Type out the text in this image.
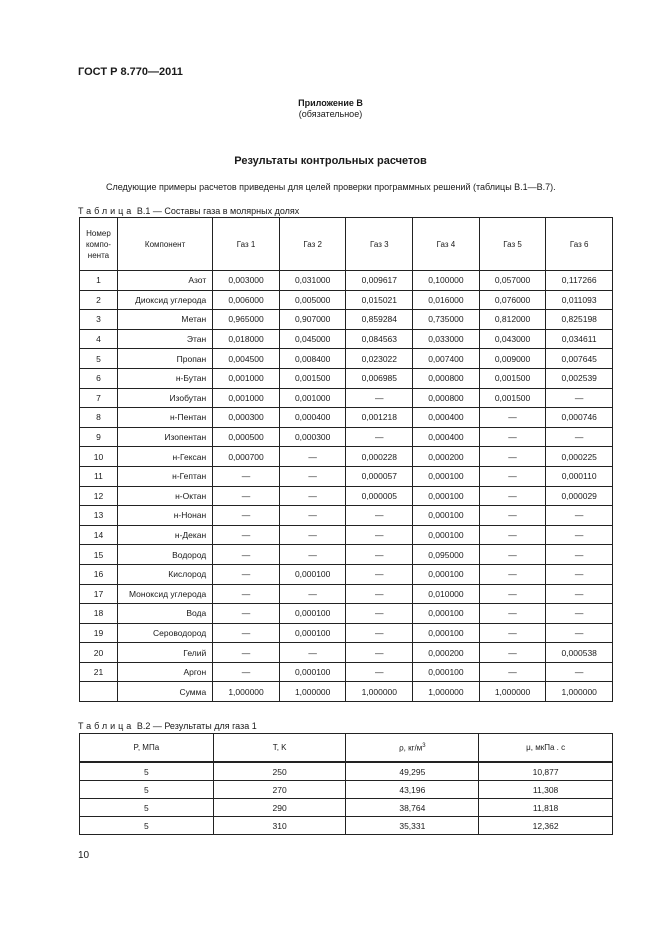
ГОСТ Р 8.770—2011
Приложение В
(обязательное)
Результаты контрольных расчетов
Следующие примеры расчетов приведены для целей проверки программных решений (таблицы В.1—В.7).
Таблица В.1 — Составы газа в молярных долях
Номер компо-нента	Компонент	Газ 1	Газ 2	Газ 3	Газ 4	Газ 5	Газ 6
1	Азот	0,003000	0,031000	0,009617	0,100000	0,057000	0,117266
2	Диоксид углерода	0,006000	0,005000	0,015021	0,016000	0,076000	0,011093
3	Метан	0,965000	0,907000	0,859284	0,735000	0,812000	0,825198
4	Этан	0,018000	0,045000	0,084563	0,033000	0,043000	0,034611
5	Пропан	0,004500	0,008400	0,023022	0,007400	0,009000	0,007645
6	н-Бутан	0,001000	0,001500	0,006985	0,000800	0,001500	0,002539
7	Изобутан	0,001000	0,001000	—	0,000800	0,001500	—
8	н-Пентан	0,000300	0,000400	0,001218	0,000400	—	0,000746
9	Изопентан	0,000500	0,000300	—	0,000400	—	—
10	н-Гексан	0,000700	—	0,000228	0,000200	—	0,000225
11	н-Гептан	—	—	0,000057	0,000100	—	0,000110
12	н-Октан	—	—	0,000005	0,000100	—	0,000029
13	н-Нонан	—	—	—	0,000100	—	—
14	н-Декан	—	—	—	0,000100	—	—
15	Водород	—	—	—	0,095000	—	—
16	Кислород	—	0,000100	—	0,000100	—	—
17	Моноксид углерода	—	—	—	0,010000	—	—
18	Вода	—	0,000100	—	0,000100	—	—
19	Сероводород	—	0,000100	—	0,000100	—	—
20	Гелий	—	—	—	0,000200	—	0,000538
21	Аргон	—	0,000100	—	0,000100	—	—
	Сумма	1,000000	1,000000	1,000000	1,000000	1,000000	1,000000
Таблица В.2 — Результаты для газа 1
P, МПа	T, K	ρ, $кг/м^3$	μ, мкПа . с
5	250	49,295	10,877
5	270	43,196	11,308
5	290	38,764	11,818
5	310	35,331	12,362
10
